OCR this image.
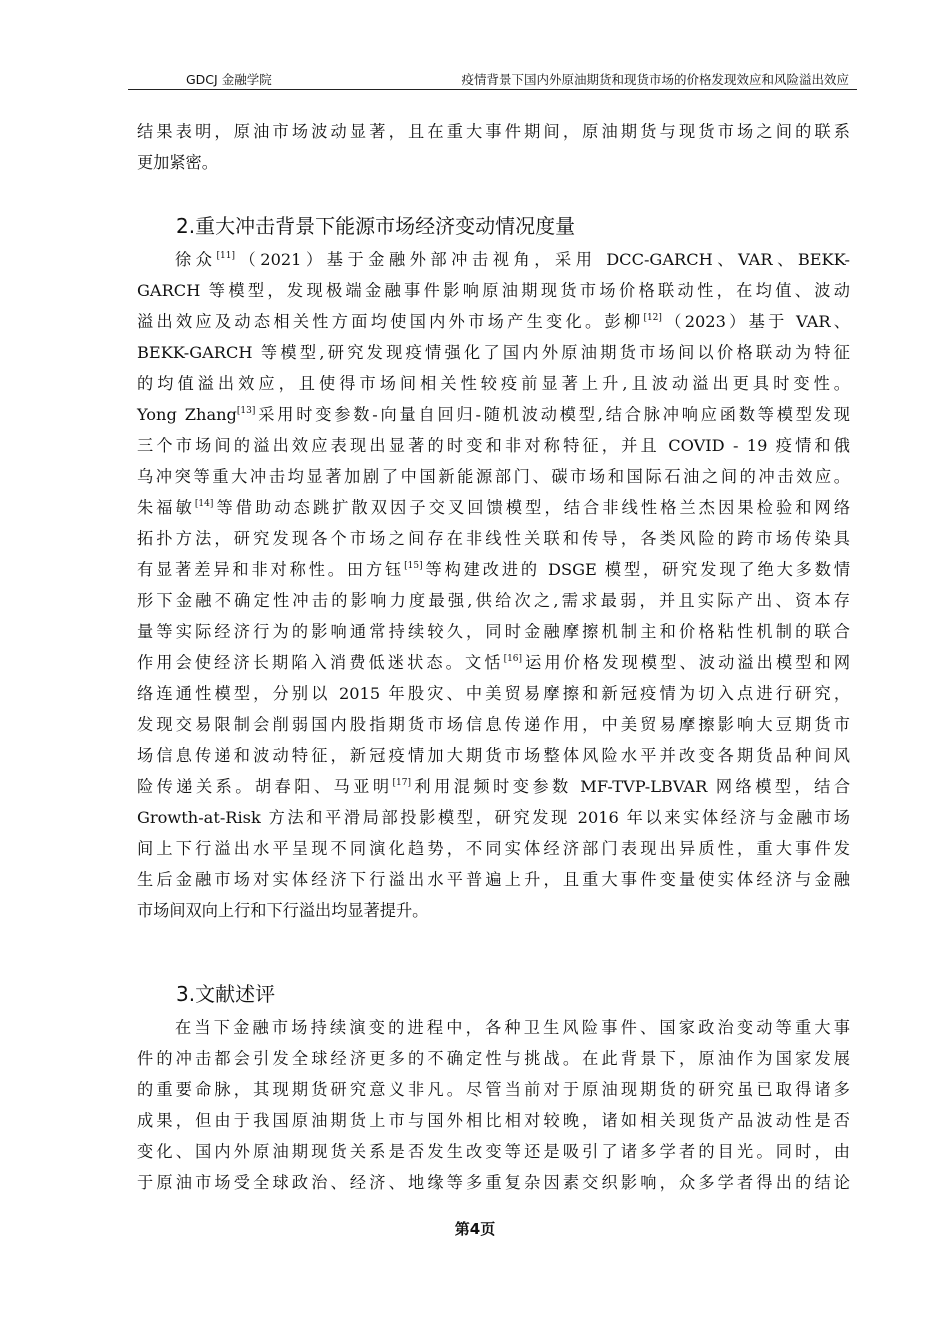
GDCJ 金融学院	疫情背景下国内外原油期货和现货市场的价格发现效应和风险溢出效应
结果表明，原油市场波动显著，且在重大事件期间，原油期货与现货市场之间的联系
更加紧密。
2.重大冲击背景下能源市场经济变动情况度量
徐众[11]（2021）基于金融外部冲击视角，采用 DCC-GARCH、VAR、BEKK-
GARCH 等模型，发现极端金融事件影响原油期现货市场价格联动性，在均值、波动
溢出效应及动态相关性方面均使国内外市场产生变化。彭柳[12]（2023）基于 VAR、
BEKK-GARCH 等模型,研究发现疫情强化了国内外原油期货市场间以价格联动为特征
的均值溢出效应，且使得市场间相关性较疫前显著上升,且波动溢出更具时变性。
Yong Zhang[13]采用时变参数-向量自回归-随机波动模型,结合脉冲响应函数等模型发现
三个市场间的溢出效应表现出显著的时变和非对称特征，并且 COVID - 19 疫情和俄
乌冲突等重大冲击均显著加剧了中国新能源部门、碳市场和国际石油之间的冲击效应。
朱福敏[14]等借助动态跳扩散双因子交叉回馈模型，结合非线性格兰杰因果检验和网络
拓扑方法，研究发现各个市场之间存在非线性关联和传导，各类风险的跨市场传染具
有显著差异和非对称性。田方钰[15]等构建改进的 DSGE 模型，研究发现了绝大多数情
形下金融不确定性冲击的影响力度最强,供给次之,需求最弱，并且实际产出、资本存
量等实际经济行为的影响通常持续较久，同时金融摩擦机制主和价格粘性机制的联合
作用会使经济长期陷入消费低迷状态。文恬[16]运用价格发现模型、波动溢出模型和网
络连通性模型，分别以 2015 年股灾、中美贸易摩擦和新冠疫情为切入点进行研究，
发现交易限制会削弱国内股指期货市场信息传递作用，中美贸易摩擦影响大豆期货市
场信息传递和波动特征，新冠疫情加大期货市场整体风险水平并改变各期货品种间风
险传递关系。胡春阳、马亚明[17]利用混频时变参数 MF-TVP-LBVAR 网络模型，结合
Growth-at-Risk 方法和平滑局部投影模型，研究发现 2016 年以来实体经济与金融市场
间上下行溢出水平呈现不同演化趋势，不同实体经济部门表现出异质性，重大事件发
生后金融市场对实体经济下行溢出水平普遍上升，且重大事件变量使实体经济与金融
市场间双向上行和下行溢出均显著提升。
3.文献述评
在当下金融市场持续演变的进程中，各种卫生风险事件、国家政治变动等重大事
件的冲击都会引发全球经济更多的不确定性与挑战。在此背景下，原油作为国家发展
的重要命脉，其现期货研究意义非凡。尽管当前对于原油现期货的研究虽已取得诸多
成果，但由于我国原油期货上市与国外相比相对较晚，诸如相关现货产品波动性是否
变化、国内外原油期现货关系是否发生改变等还是吸引了诸多学者的目光。同时，由
于原油市场受全球政治、经济、地缘等多重复杂因素交织影响，众多学者得出的结论
第4页
